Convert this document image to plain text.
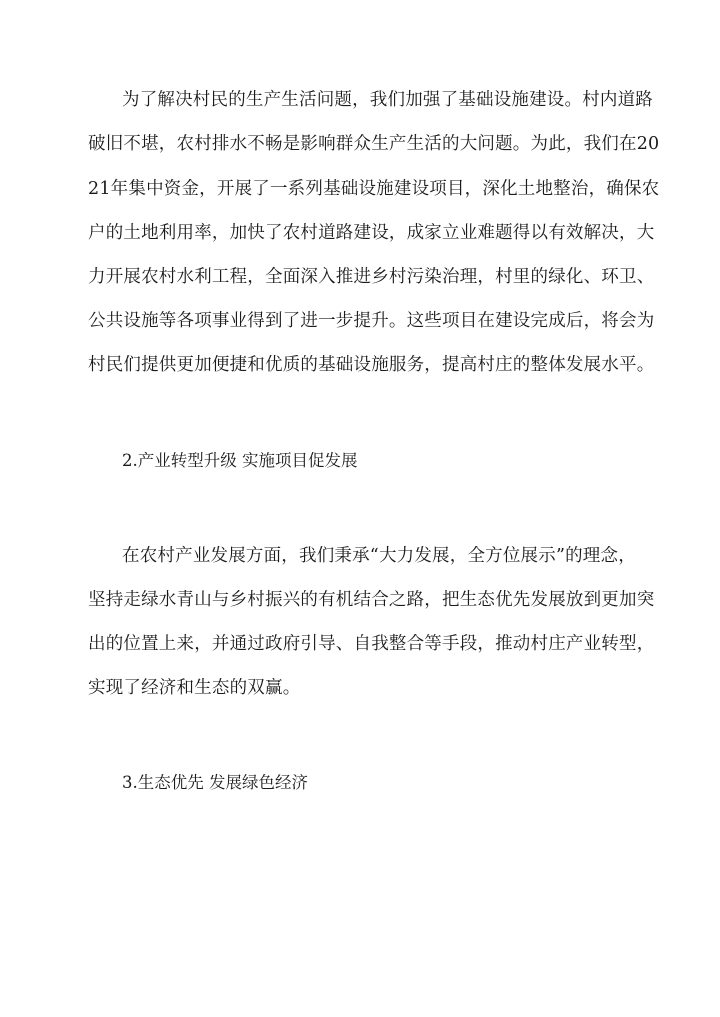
为了解决村民的生产生活问题，我们加强了基础设施建设。村内道路
破旧不堪，农村排水不畅是影响群众生产生活的大问题。为此，我们在20
21年集中资金，开展了一系列基础设施建设项目，深化土地整治，确保农
户的土地利用率，加快了农村道路建设，成家立业难题得以有效解决，大
力开展农村水利工程，全面深入推进乡村污染治理，村里的绿化、环卫、
公共设施等各项事业得到了进一步提升。这些项目在建设完成后，将会为
村民们提供更加便捷和优质的基础设施服务，提高村庄的整体发展水平。
2.产业转型升级 实施项目促发展
在农村产业发展方面，我们秉承“大力发展，全方位展示”的理念，
坚持走绿水青山与乡村振兴的有机结合之路，把生态优先发展放到更加突
出的位置上来，并通过政府引导、自我整合等手段，推动村庄产业转型，
实现了经济和生态的双赢。
3.生态优先 发展绿色经济
